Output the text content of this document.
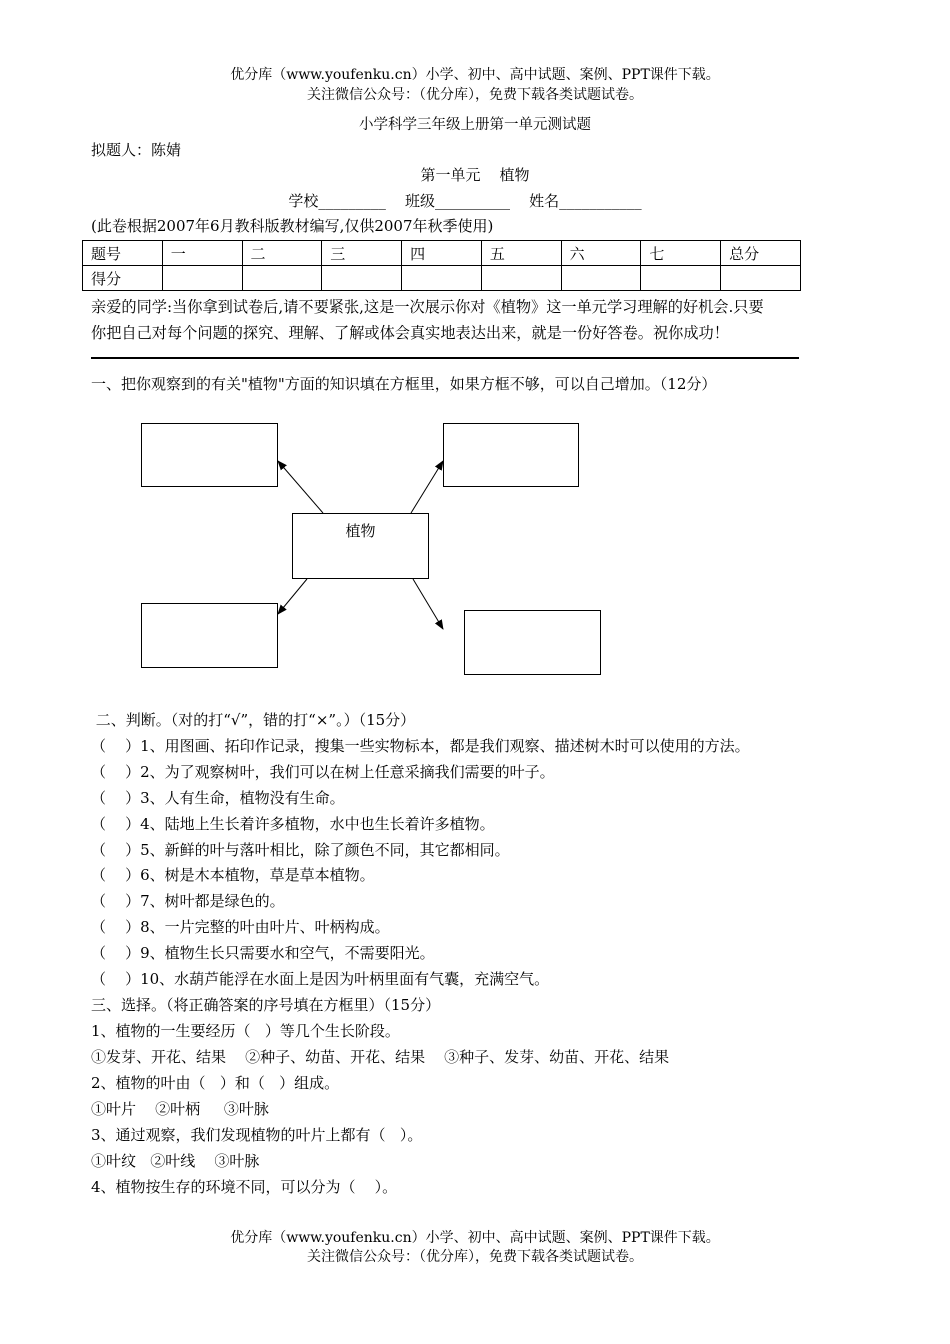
优分库（www.youfenku.cn）小学、初中、高中试题、案例、PPT课件下载。
关注微信公众号：（优分库），免费下载各类试题试卷。
小学科学三年级上册第一单元测试题
拟题人：陈婧
第一单元    植物
学校_________    班级__________    姓名___________
(此卷根据2007年6月教科版教材编写,仅供2007年秋季使用)
题号	一	二	三	四	五	六	七	总分
得分								
亲爱的同学:当你拿到试卷后,请不要紧张,这是一次展示你对《植物》这一单元学习理解的好机会.只要
你把自己对每个问题的探究、理解、了解或体会真实地表达出来，就是一份好答卷。祝你成功！
一、把你观察到的有关"植物"方面的知识填在方框里，如果方框不够，可以自己增加。（12分）
植物
二、判断。（对的打“√”，错的打“×”。）（15分）
（    ）1、用图画、拓印作记录，搜集一些实物标本，都是我们观察、描述树木时可以使用的方法。
（    ）2、为了观察树叶，我们可以在树上任意采摘我们需要的叶子。
（    ）3、人有生命，植物没有生命。
（    ）4、陆地上生长着许多植物，水中也生长着许多植物。
（    ）5、新鲜的叶与落叶相比，除了颜色不同，其它都相同。
（    ）6、树是木本植物，草是草本植物。
（    ）7、树叶都是绿色的。
（    ）8、一片完整的叶由叶片、叶柄构成。
（    ）9、植物生长只需要水和空气，不需要阳光。
（    ）10、水葫芦能浮在水面上是因为叶柄里面有气囊，充满空气。
三、选择。（将正确答案的序号填在方框里）（15分）
1、植物的一生要经历（   ）等几个生长阶段。
①发芽、开花、结果    ②种子、幼苗、开花、结果    ③种子、发芽、幼苗、开花、结果
2、植物的叶由（   ）和（   ）组成。
①叶片    ②叶柄     ③叶脉
3、通过观察，我们发现植物的叶片上都有（   ）。
①叶纹   ②叶线    ③叶脉
4、植物按生存的环境不同，可以分为（    ）。
优分库（www.youfenku.cn）小学、初中、高中试题、案例、PPT课件下载。
关注微信公众号：（优分库），免费下载各类试题试卷。
